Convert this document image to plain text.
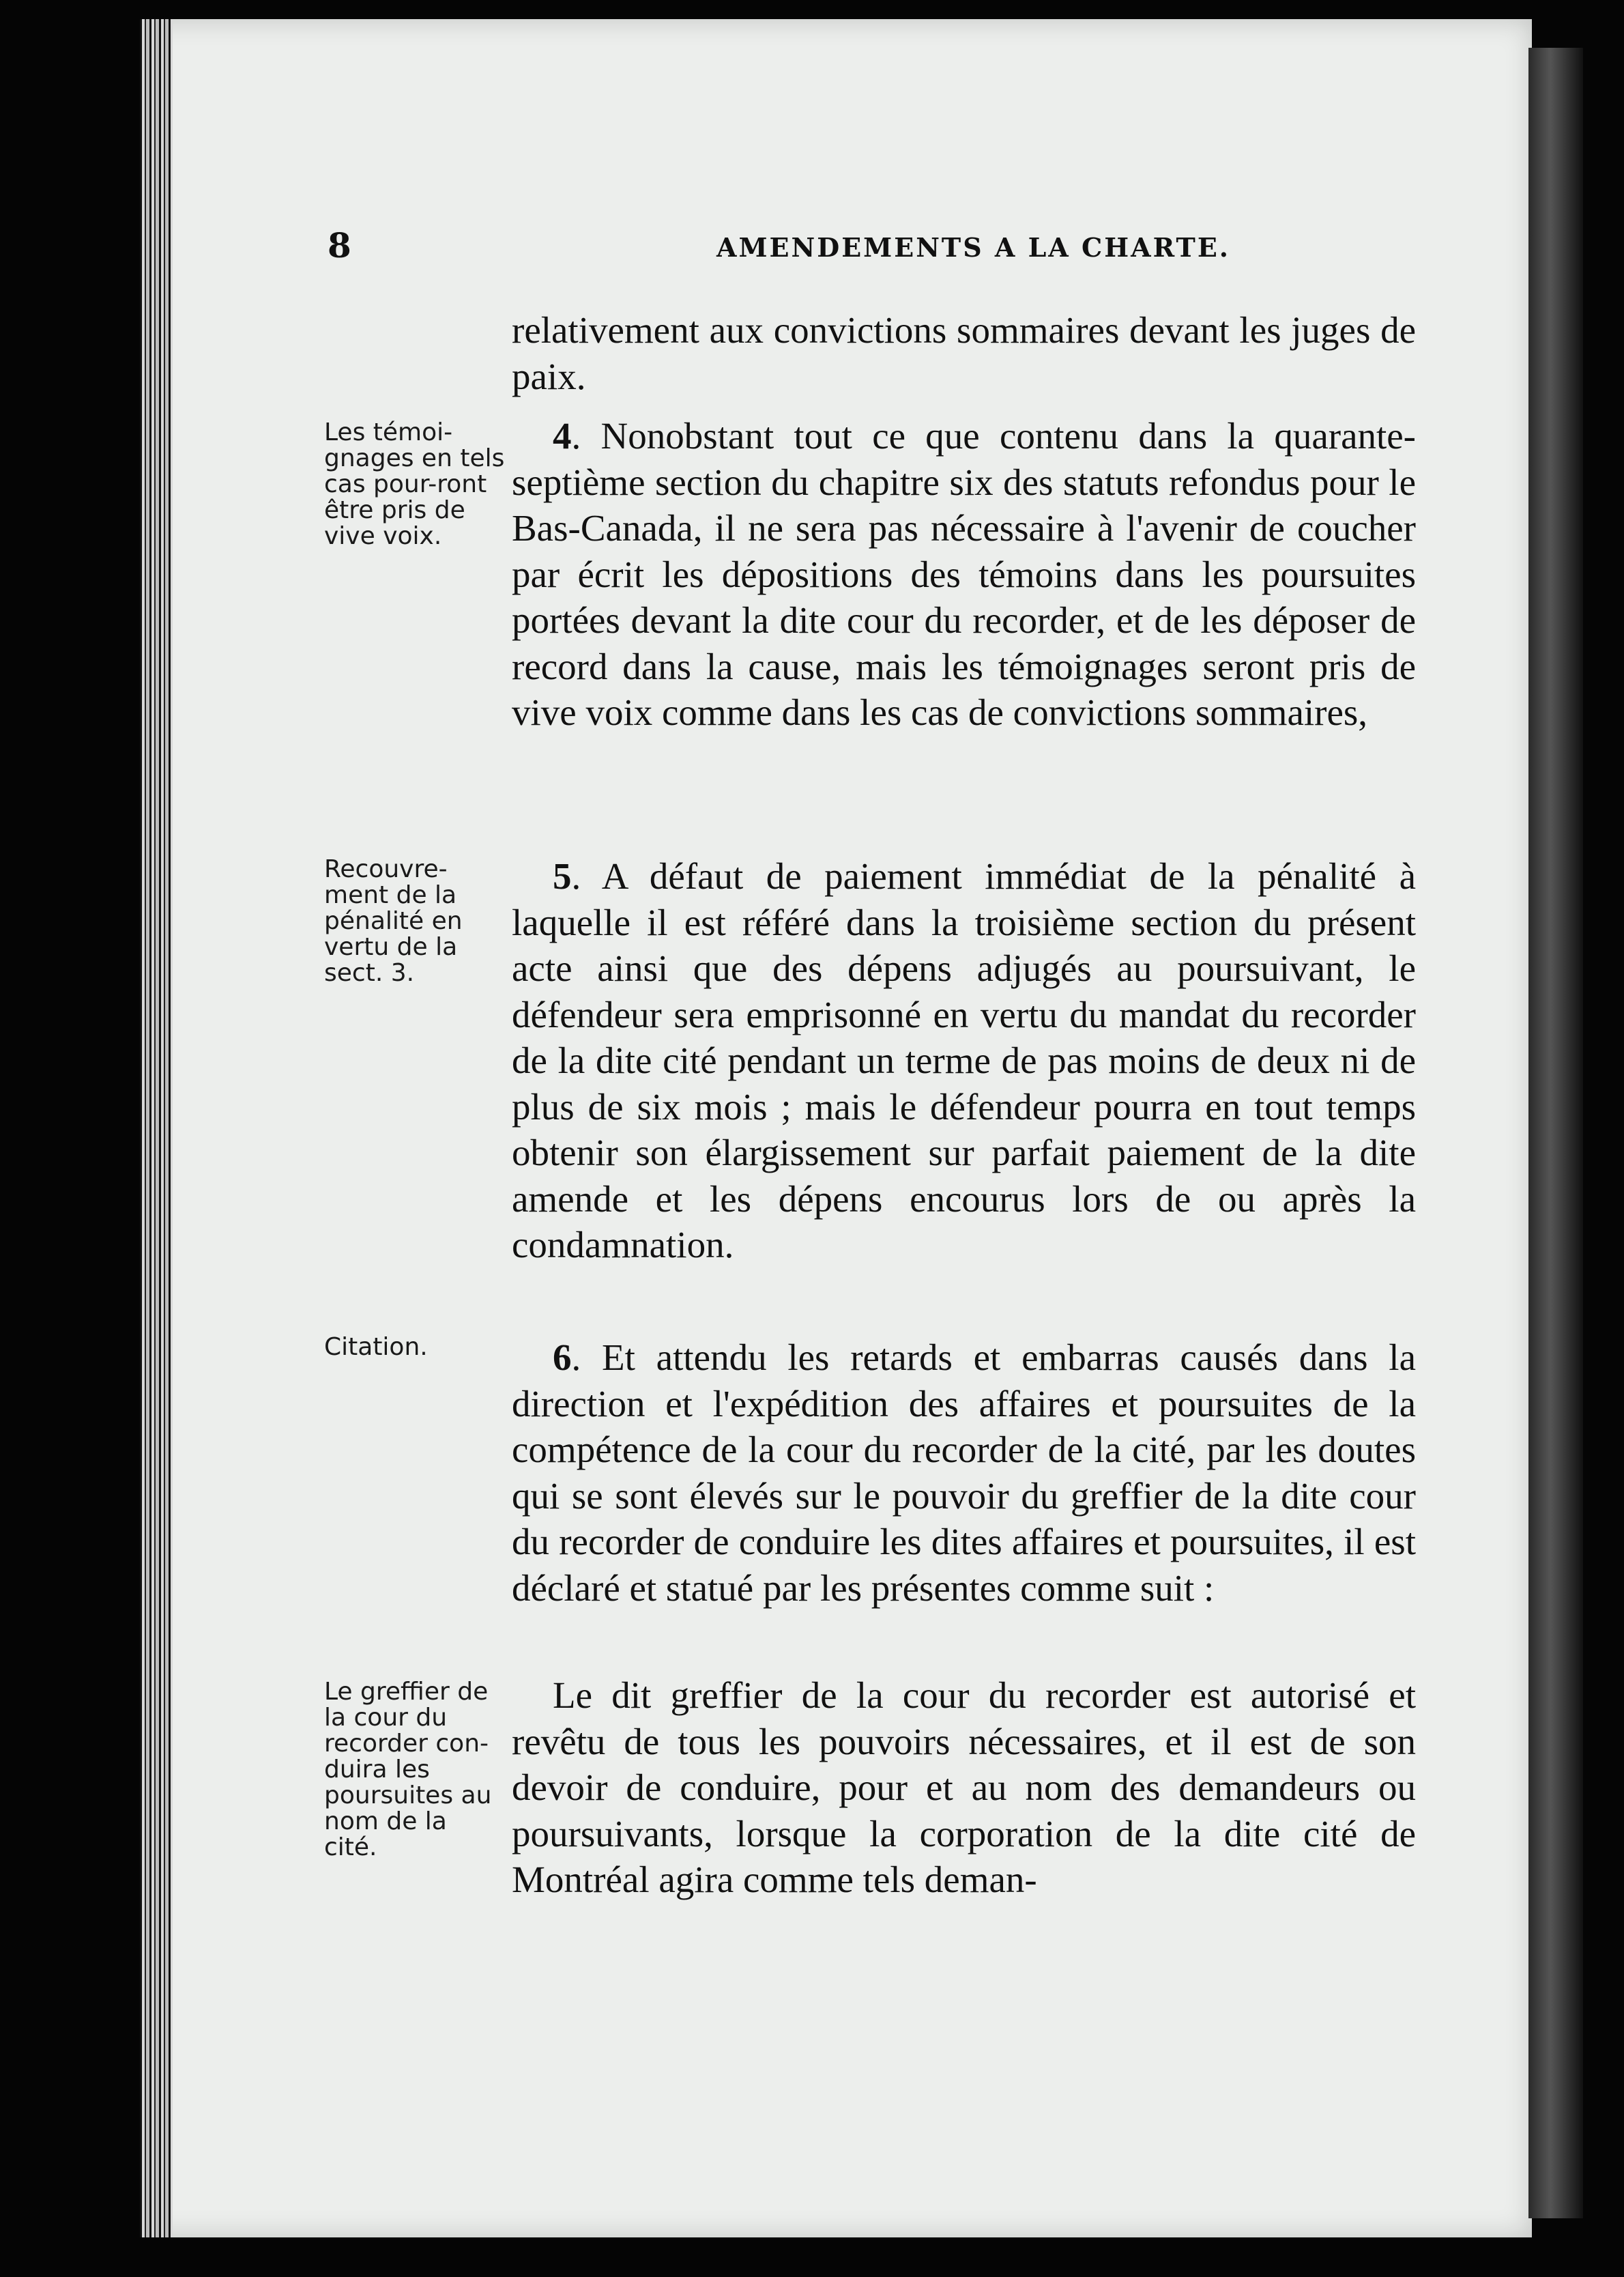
8	AMENDEMENTS A LA CHARTE.
Les témoi-gnages en tels cas pour-ront être pris de vive voix.
Recouvre-ment de la pénalité en vertu de la sect. 3.
Citation.
Le greffier de la cour du recorder con-duira les poursuites au nom de la cité.

relativement aux convictions sommaires devant les juges de paix.

4. Nonobstant tout ce que contenu dans la quarante-septième section du chapitre six des statuts refondus pour le Bas-Canada, il ne sera pas nécessaire à l'avenir de coucher par écrit les dépositions des témoins dans les poursuites portées devant la dite cour du recorder, et de les déposer de record dans la cause, mais les témoignages seront pris de vive voix comme dans les cas de convictions sommaires,

5. A défaut de paiement immédiat de la pénalité à laquelle il est référé dans la troisième section du présent acte ainsi que des dépens adjugés au poursuivant, le défendeur sera emprisonné en vertu du mandat du recorder de la dite cité pendant un terme de pas moins de deux ni de plus de six mois ; mais le défendeur pourra en tout temps obtenir son élargissement sur parfait paiement de la dite amende et les dépens encourus lors de ou après la condamnation.

6. Et attendu les retards et embarras causés dans la direction et l'expédition des affaires et poursuites de la compétence de la cour du recorder de la cité, par les doutes qui se sont élevés sur le pouvoir du greffier de la dite cour du recorder de conduire les dites affaires et poursuites, il est déclaré et statué par les présentes comme suit :

Le dit greffier de la cour du recorder est autorisé et revêtu de tous les pouvoirs nécessaires, et il est de son devoir de conduire, pour et au nom des demandeurs ou poursuivants, lorsque la corporation de la dite cité de Montréal agira comme tels deman-
